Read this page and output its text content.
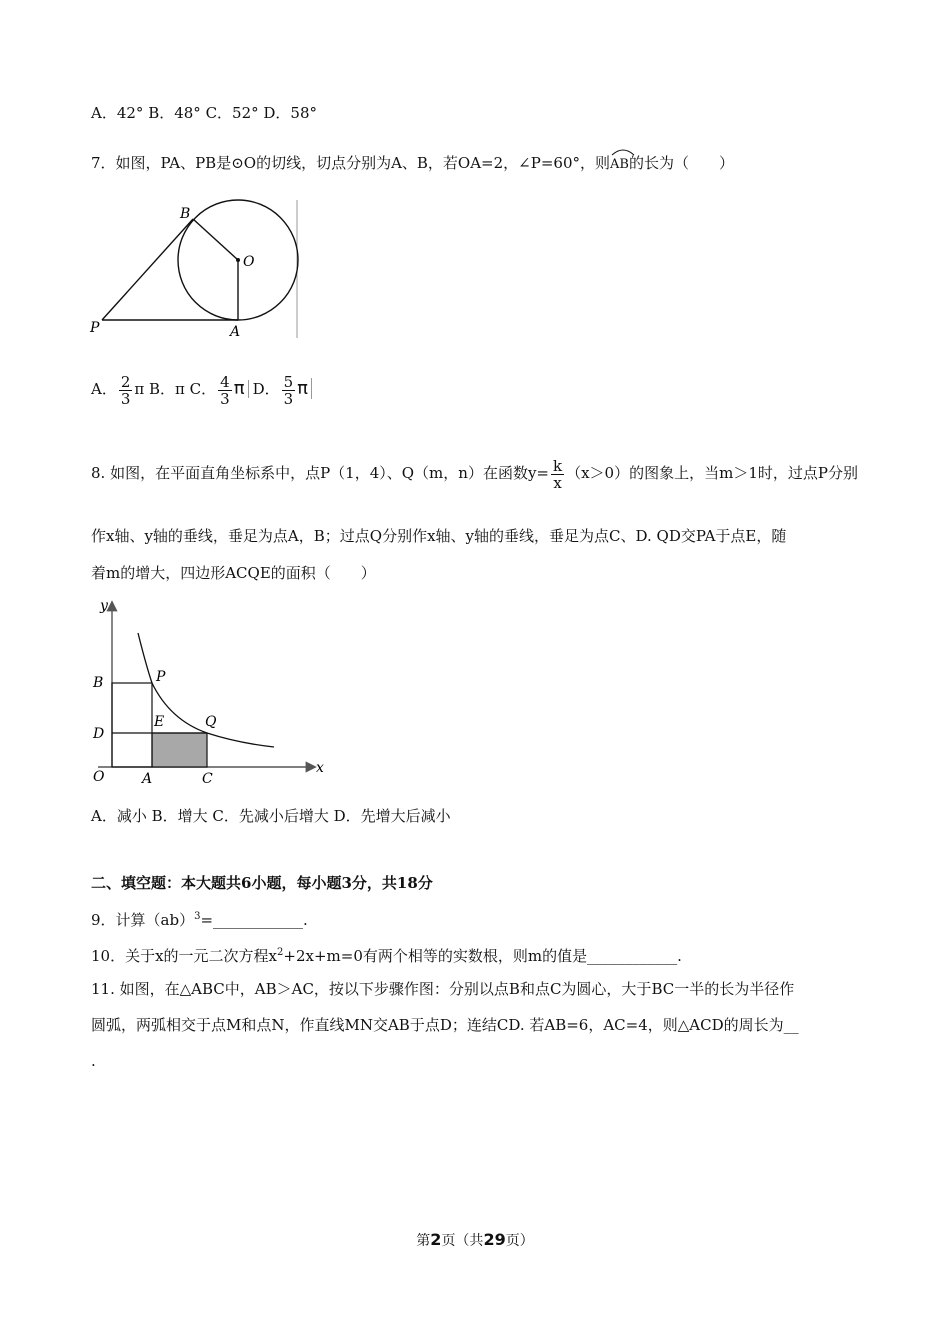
A．42° B．48° C．52° D．58°
7．如图，PA、PB是⊙O的切线，切点分别为A、B，若OA=2，∠P=60°，则
AB的长为（　　）
B
O
P	A
A． $\frac{2}{3}$ π B．π C． $\frac{4}{3}$ π D． $\frac{5}{3}$ π
8. 如图，在平面直角坐标系中，点P（1，4）、Q（m，n）在函数$y= \frac{k}{x} (x>0)$的图象上，当m＞1时，过点P分别
作x轴、y轴的垂线，垂足为点A，B；过点Q分别作x轴、y轴的垂线，垂足为点C、D. QD交PA于点E，随
着m的增大，四边形ACQE的面积（　　）
y
x
B	P
D
E	Q
O	A	C
A．减小 B．增大 C．先减小后增大 D．先增大后减小
二、填空题：本大题共6小题，每小题3分，共18分
9．计算（ab）$^3$=____________.
10．关于x的一元二次方程$x^2+2x+m=0$有两个相等的实数根，则m的值是____________.
11. 如图，在△ABC中，AB＞AC，按以下步骤作图：分别以点B和点C为圆心，大于BC一半的长为半径作
圆弧，两弧相交于点M和点N，作直线MN交AB于点D；连结CD. 若AB=6，AC=4，则△ACD的周长为__
.
第2页（共29页）
